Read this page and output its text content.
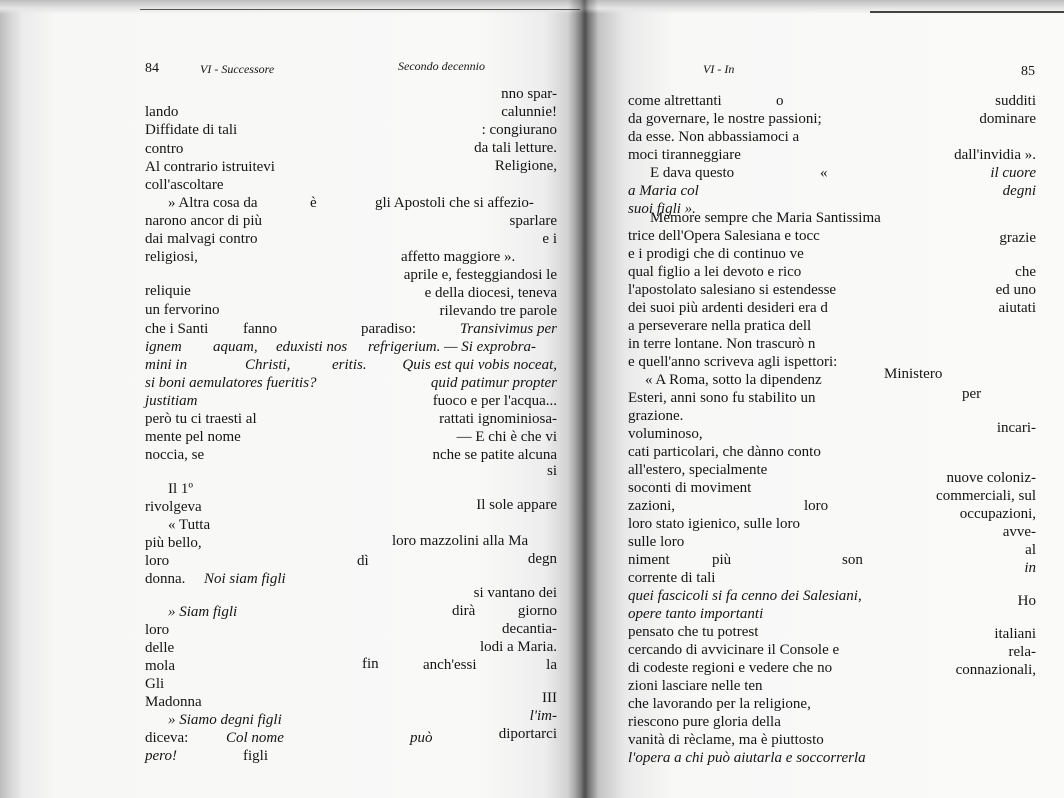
84	VI - Successore	Secondo decennio	VI - In	85
lando
Diffidate di tali
contro
Al contrario istruitevi
coll'ascoltare
» Altra cosa da	è
narono ancor di più
dai malvagi contro
religiosi,
reliquie
un fervorino
che i Santi fanno
ignem aquam, eduxisti nos
mini in	Christi,	eritis.
si boni aemulatores fueritis?
justitiam
però tu ci traesti al
mente pel nome
noccia, se
Il 1º
rivolgeva
« Tutta
più bello,
loro	dì
donna. Noi siam figli
» Siam figli
loro
delle
mola	fin
Gli
Madonna
» Siamo degni figli
diceva:	Col nome
pero!	figli
può
nno spar-
calunnie!
: congiurano
da tali letture.
Religione,
gli Apostoli che si affezio-
sparlare
e i
affetto maggiore ».
aprile e, festeggiandosi le
e della diocesi, teneva
rilevando tre parole
paradiso:	Transivimus per
refrigerium. — Si exprobra-
Quis est qui vobis noceat,
quid patimur propter
fuoco e per l'acqua...
rattati ignominiosa-
— E chi è che vi
nche se patite alcuna
si
Il sole appare
loro mazzolini alla Ma
degn
si vantano dei
dirà	giorno
decantia-
lodi a Maria.
anch'essi	la
III
l'im-
diportarci
come altrettanti	o
da governare, le nostre passioni;
da esse. Non abbassiamoci a
moci tiranneggiare
E dava questo	«
a Maria col
suoi figli ».
Memore sempre che Maria Santissima
trice dell'Opera Salesiana e tocc
e i prodigi che di continuo ve
qual figlio a lei devoto e rico
l'apostolato salesiano si estendesse
dei suoi più ardenti desideri era d
a perseverare nella pratica dell
in terre lontane. Non trascurò n
e quell'anno scriveva agli ispettori:
« A Roma, sotto la dipendenz
Esteri, anni sono fu stabilito un
grazione.
voluminoso,
cati particolari, che dànno conto
all'estero, specialmente
soconti di moviment
zazioni,	loro
loro stato igienico, sulle loro
sulle loro
niment	più	son
corrente di tali
quei fascicoli si fa cenno dei Salesiani,
opere tanto importanti
pensato che tu potrest
cercando di avvicinare il Console e
di codeste regioni e vedere che no
zioni lasciare nelle ten
che lavorando per la religione,
riescono pure gloria della
vanità di rèclame, ma è piuttosto
l'opera a chi può aiutarla e soccorrerla
sudditi
dominare
dall'invidia ».
il cuore
degni
grazie
che
ed uno
aiutati
Ministero
per
incari-
nuove coloniz-
commerciali, sul
occupazioni,
avve-
al
in
Ho
italiani
rela-
connazionali,
